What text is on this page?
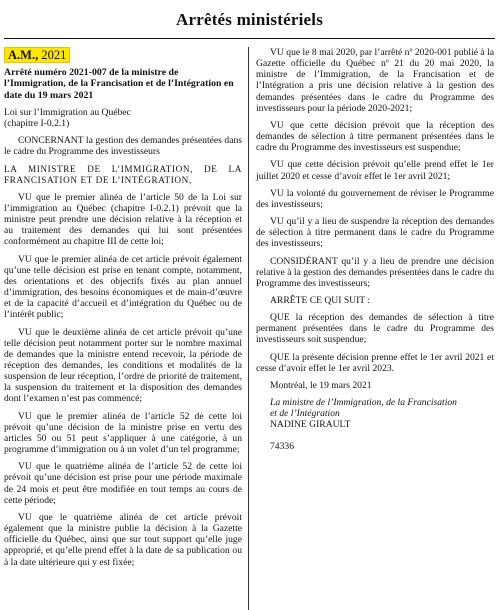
Arrêtés ministériels
A.M., 2021

Arrêté numéro 2021-007 de la ministre de l’Immigration, de la Francisation et de l’Intégration en date du 19 mars 2021

Loi sur l’Immigration au Québec
(chapitre I-0.2.1)

CONCERNANT la gestion des demandes présentées dans le cadre du Programme des investisseurs

LA MINISTRE DE L’IMMIGRATION, DE LA FRANCISATION ET DE L’INTÉGRATION,

VU que le premier alinéa de l’article 50 de la Loi sur l’immigration au Québec (chapitre I-0.2.1) prévoit que la ministre peut prendre une décision relative à la réception et au traitement des demandes qui lui sont présentées conformément au chapitre III de cette loi;

VU que le premier alinéa de cet article prévoit également qu’une telle décision est prise en tenant compte, notamment, des orientations et des objectifs fixés au plan annuel d’immigration, des besoins économiques et de main-d’œuvre et de la capacité d’accueil et d’intégration du Québec ou de l’intérêt public;

VU que le deuxième alinéa de cet article prévoit qu’une telle décision peut notamment porter sur le nombre maximal de demandes que la ministre entend recevoir, la période de réception des demandes, les conditions et modalités de la suspension de leur réception, l’ordre de priorité de traitement, la suspension du traitement et la disposition des demandes dont l’examen n’est pas commencé;

VU que le premier alinéa de l’article 52 de cette loi prévoit qu’une décision de la ministre prise en vertu des articles 50 ou 51 peut s’appliquer à une catégorie, à un programme d’immigration ou à un volet d’un tel programme;

VU que le quatrième alinéa de l’article 52 de cette loi prévoit qu’une décision est prise pour une période maximale de 24 mois et peut être modifiée en tout temps au cours de cette période;

VU que le quatrième alinéa de cet article prévoit également que la ministre publie la décision à la Gazette officielle du Québec, ainsi que sur tout support qu’elle juge approprié, et qu’elle prend effet à la date de sa publication ou à la date ultérieure qui y est fixée;

VU que le 8 mai 2020, par l’arrêté nº 2020-001 publié à la Gazette officielle du Québec nº 21 du 20 mai 2020, la ministre de l’Immigration, de la Francisation et de l’Intégration a pris une décision relative à la gestion des demandes présentées dans le cadre du Programme des investisseurs pour la période 2020-2021;

VU que cette décision prévoit que la réception des demandes de sélection à titre permanent présentées dans le cadre du Programme des investisseurs est suspendue;

VU que cette décision prévoit qu’elle prend effet le 1er juillet 2020 et cesse d’avoir effet le 1er avril 2021;

VU la volonté du gouvernement de réviser le Programme des investisseurs;

VU qu’il y a lieu de suspendre la réception des demandes de sélection à titre permanent dans le cadre du Programme des investisseurs;

CONSIDÉRANT qu’il y a lieu de prendre une décision relative à la gestion des demandes présentées dans le cadre du Programme des investisseurs;

ARRÊTE CE QUI SUIT :

QUE la réception des demandes de sélection à titre permanent présentées dans le cadre du Programme des investisseurs soit suspendue;

QUE la présente décision prenne effet le 1er avril 2021 et cesse d’avoir effet le 1er avril 2023.

Montréal, le 19 mars 2021

La ministre de l’Immigration, de la Francisation
et de l’Intégration
NADINE GIRAULT

74336
